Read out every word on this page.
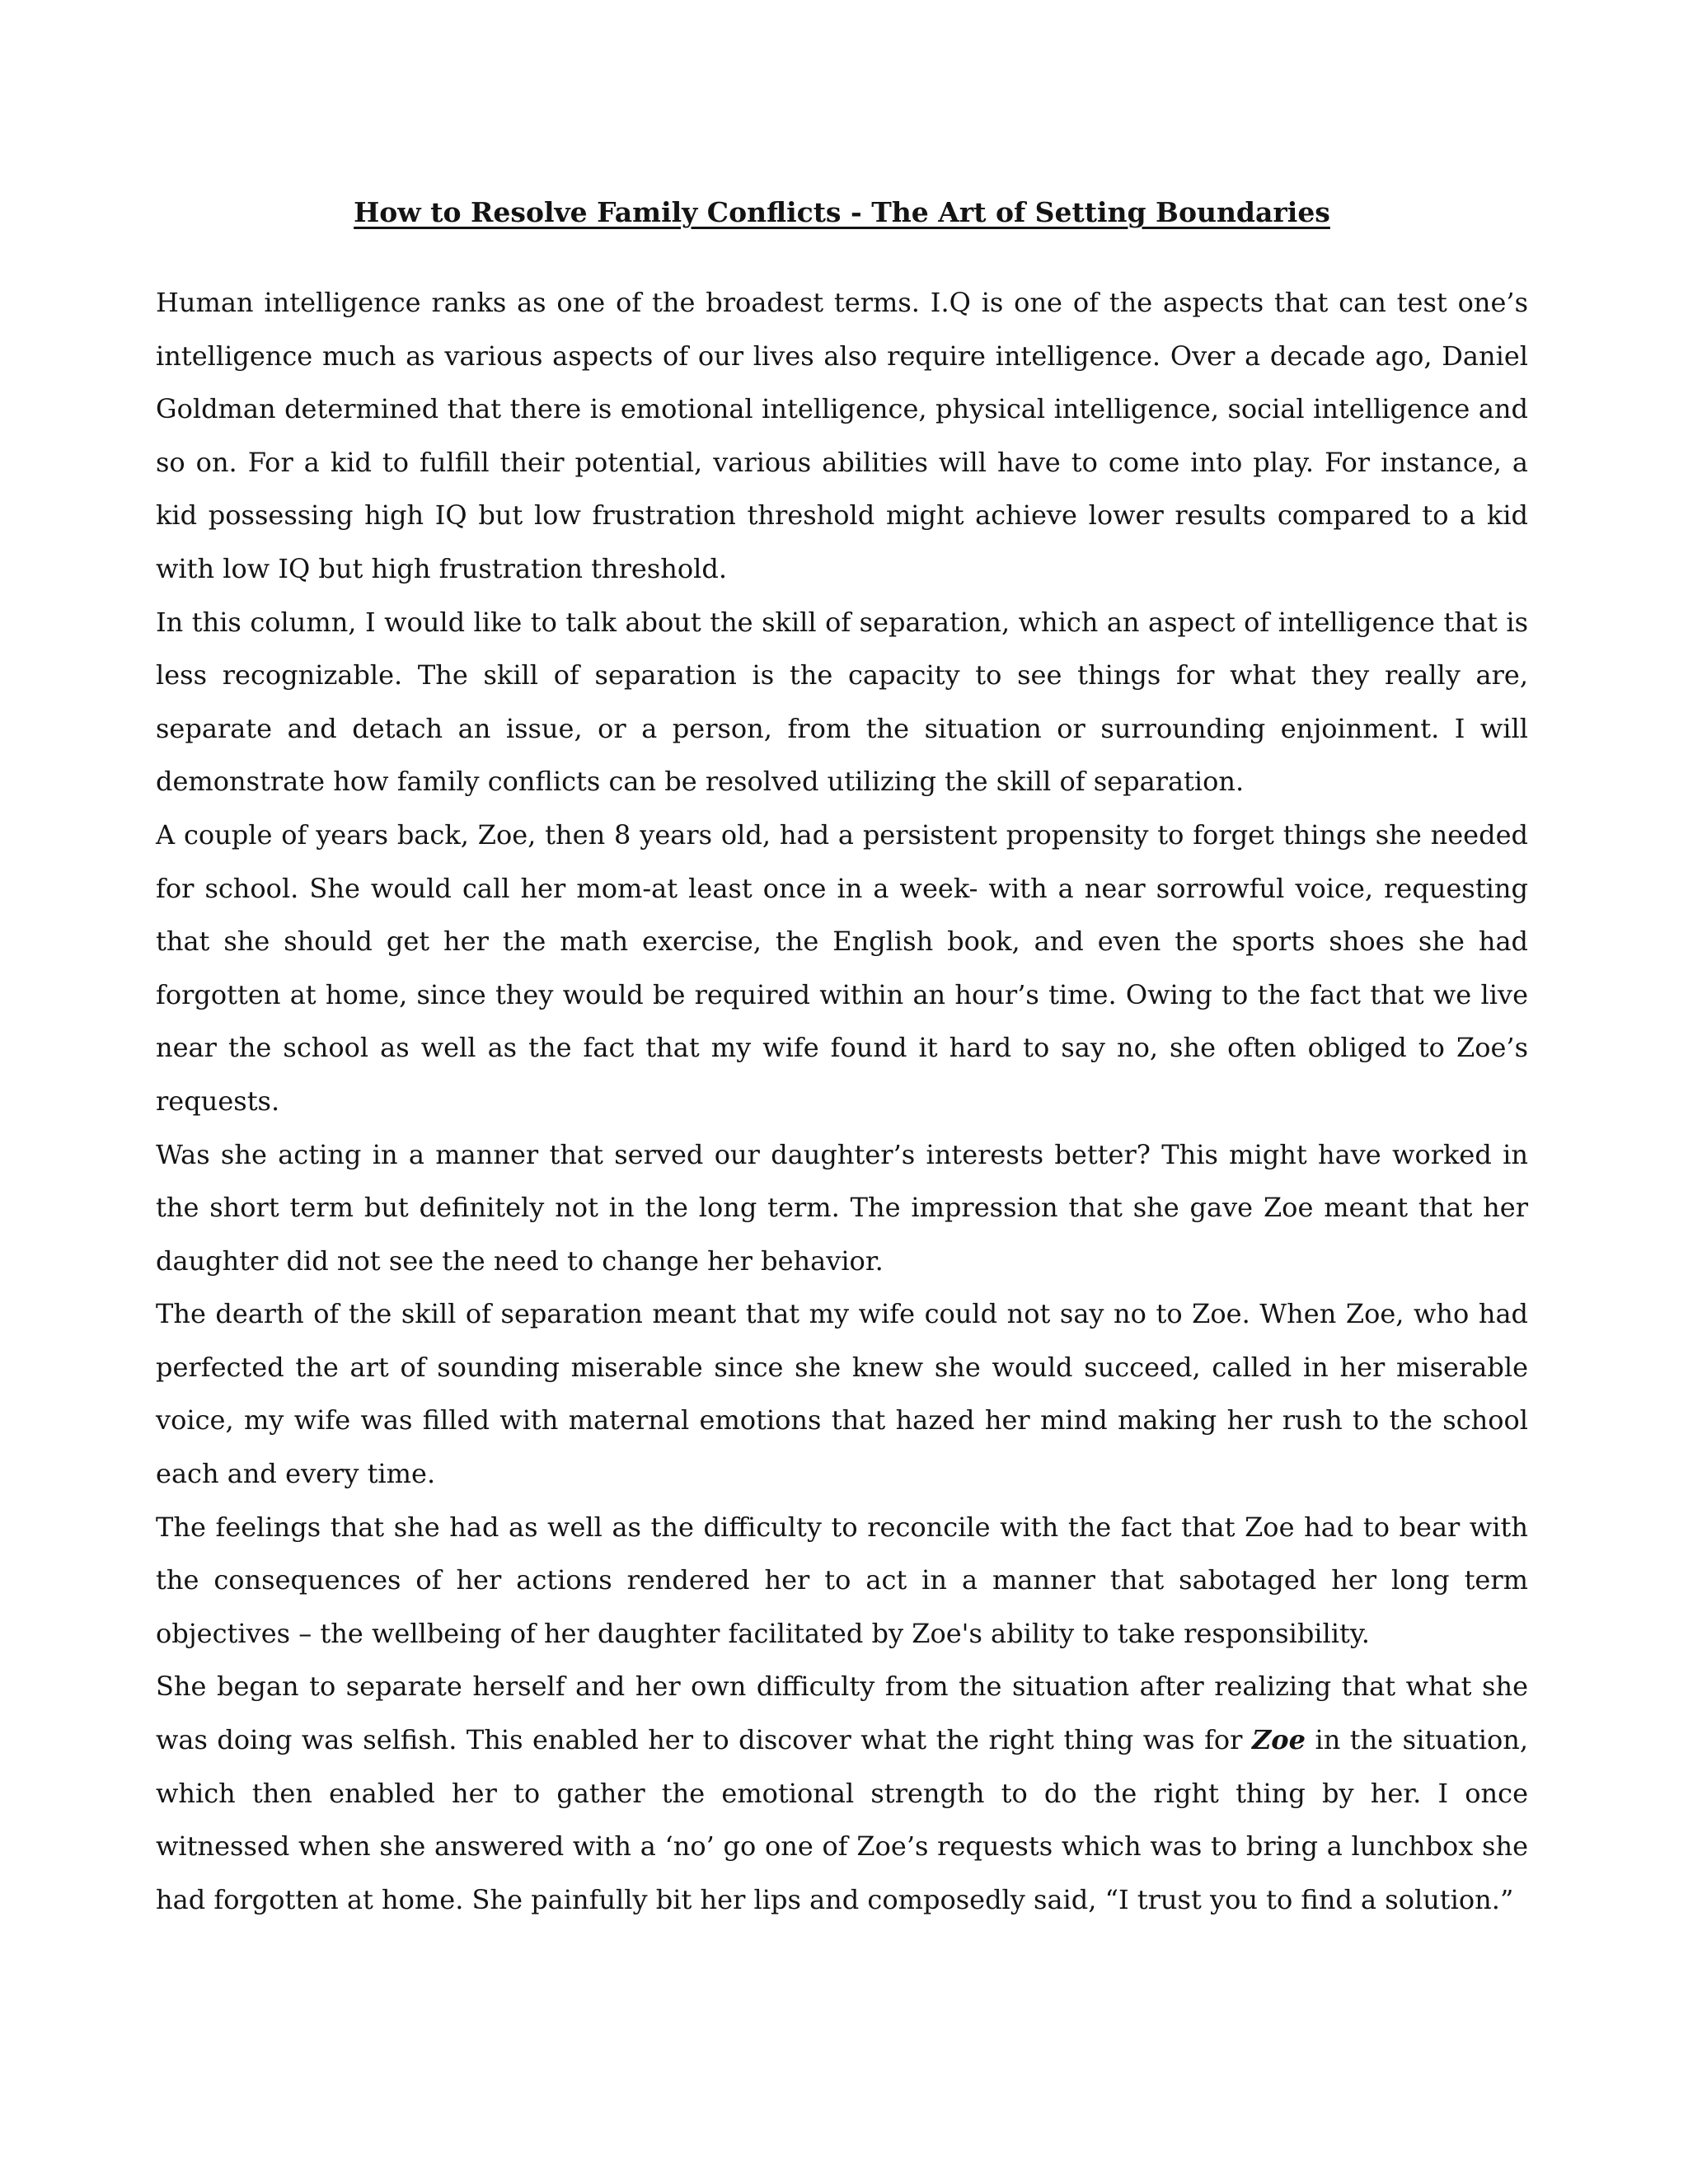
How to Resolve Family Conflicts - The Art of Setting Boundaries

Human intelligence ranks as one of the broadest terms. I.Q is one of the aspects that can test one’s intelligence much as various aspects of our lives also require intelligence. Over a decade ago, Daniel Goldman determined that there is emotional intelligence, physical intelligence, social intelligence and so on. For a kid to fulfill their potential, various abilities will have to come into play. For instance, a kid possessing high IQ but low frustration threshold might achieve lower results compared to a kid with low IQ but high frustration threshold.

In this column, I would like to talk about the skill of separation, which an aspect of intelligence that is less recognizable. The skill of separation is the capacity to see things for what they really are, separate and detach an issue, or a person, from the situation or surrounding enjoinment. I will demonstrate how family conflicts can be resolved utilizing the skill of separation.

A couple of years back, Zoe, then 8 years old, had a persistent propensity to forget things she needed for school. She would call her mom-at least once in a week- with a near sorrowful voice, requesting that she should get her the math exercise, the English book, and even the sports shoes she had forgotten at home, since they would be required within an hour’s time. Owing to the fact that we live near the school as well as the fact that my wife found it hard to say no, she often obliged to Zoe’s requests.

Was she acting in a manner that served our daughter’s interests better? This might have worked in the short term but definitely not in the long term. The impression that she gave Zoe meant that her daughter did not see the need to change her behavior.

The dearth of the skill of separation meant that my wife could not say no to Zoe. When Zoe, who had perfected the art of sounding miserable since she knew she would succeed, called in her miserable voice, my wife was filled with maternal emotions that hazed her mind making her rush to the school each and every time.

The feelings that she had as well as the difficulty to reconcile with the fact that Zoe had to bear with the consequences of her actions rendered her to act in a manner that sabotaged her long term objectives – the wellbeing of her daughter facilitated by Zoe's ability to take responsibility.

She began to separate herself and her own difficulty from the situation after realizing that what she was doing was selfish. This enabled her to discover what the right thing was for Zoe in the situation, which then enabled her to gather the emotional strength to do the right thing by her. I once witnessed when she answered with a ‘no’ go one of Zoe’s requests which was to bring a lunchbox she had forgotten at home. She painfully bit her lips and composedly said, “I trust you to find a solution.”
